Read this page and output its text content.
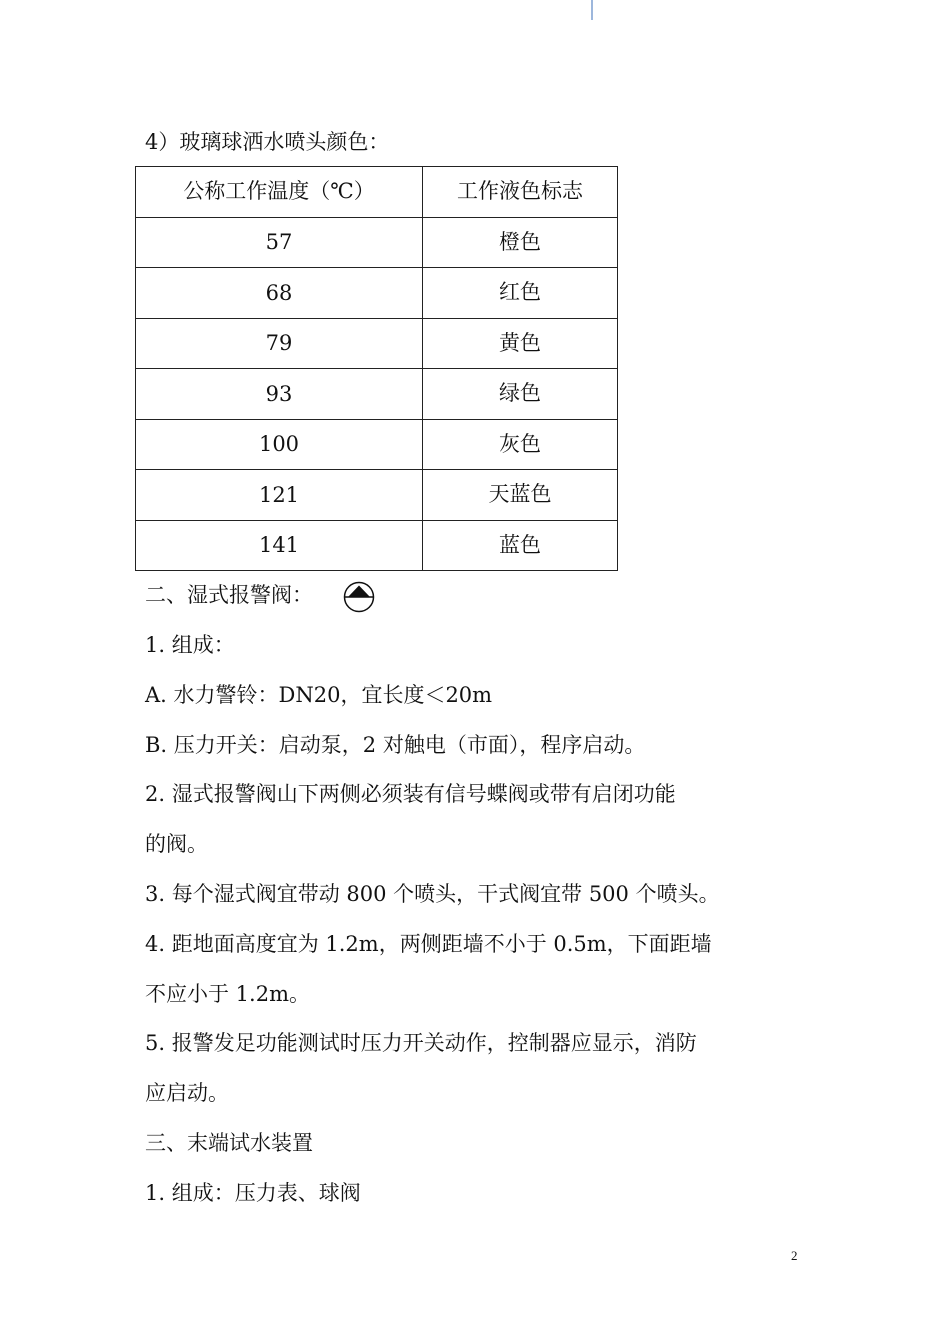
4）玻璃球洒水喷头颜色：
公称工作温度（℃）	工作液色标志
57	橙色
68	红色
79	黄色
93	绿色
100	灰色
121	天蓝色
141	蓝色
二、湿式报警阀：
1. 组成：
A. 水力警铃：DN20，宜长度＜20m
B. 压力开关：启动泵，2 对触电（市面），程序启动。
2. 湿式报警阀山下两侧必须装有信号蝶阀或带有启闭功能
的阀。
3. 每个湿式阀宜带动 800 个喷头，干式阀宜带 500 个喷头。
4. 距地面高度宜为 1.2m，两侧距墙不小于 0.5m，下面距墙
不应小于 1.2m。
5. 报警发足功能测试时压力开关动作，控制器应显示，消防
应启动。
三、末端试水装置
1. 组成：压力表、球阀
2
